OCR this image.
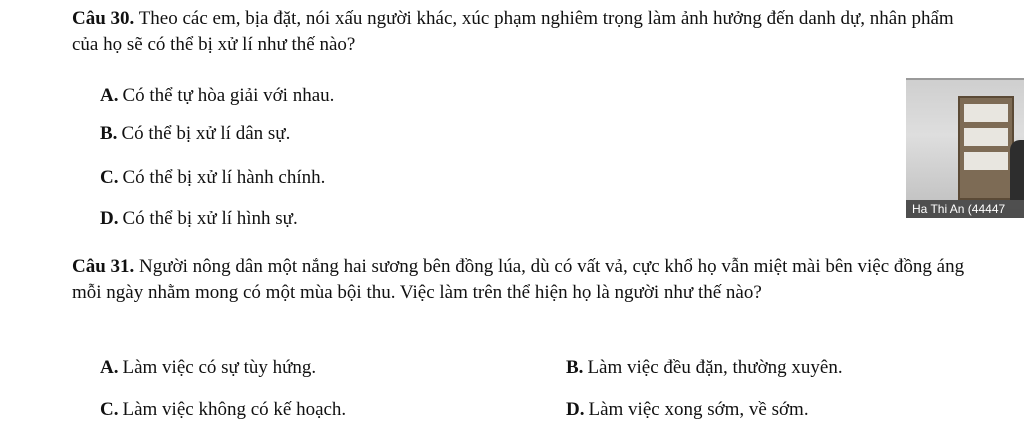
Câu 30. Theo các em, bịa đặt, nói xấu người khác, xúc phạm nghiêm trọng làm ảnh hưởng đến danh dự, nhân phẩm của họ sẽ có thể bị xử lí như thế nào?

A. Có thể tự hòa giải với nhau.
B. Có thể bị xử lí dân sự.
C. Có thể bị xử lí hành chính.
D. Có thể bị xử lí hình sự.	Ha Thi An (44447

Câu 31. Người nông dân một nắng hai sương bên đồng lúa, dù có vất vả, cực khổ họ vẫn miệt mài bên việc đồng áng mỗi ngày nhằm mong có một mùa bội thu. Việc làm trên thể hiện họ là người như thế nào?

A. Làm việc có sự tùy hứng.	B. Làm việc đều đặn, thường xuyên.
C. Làm việc không có kế hoạch.	D. Làm việc xong sớm, về sớm.
